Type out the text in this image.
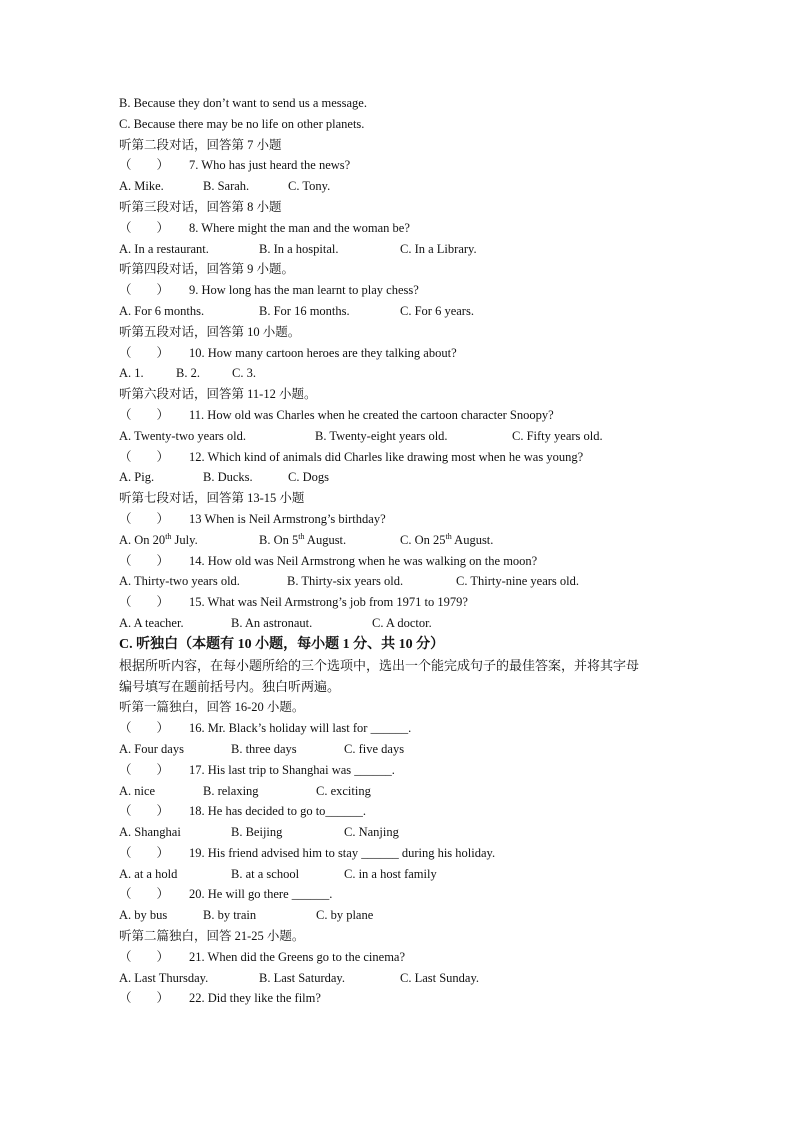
B. Because they don’t want to send us a message.
C. Because there may be no life on other planets.
听第二段对话，回答第 7 小题
（　　） 7. Who has just heard the news?
A. Mike.	B. Sarah.	C. Tony.
听第三段对话，回答第 8 小题
（　　） 8. Where might the man and the woman be?
A. In a restaurant.	B. In a hospital.	C. In a Library.
听第四段对话，回答第 9 小题。
（　　） 9. How long has the man learnt to play chess?
A. For 6 months.	B. For 16 months.	C. For 6 years.
听第五段对话，回答第 10 小题。
（　　） 10. How many cartoon heroes are they talking about?
A. 1.	B. 2.	C. 3.
听第六段对话，回答第 11-12 小题。
（　　） 11. How old was Charles when he created the cartoon character Snoopy?
A. Twenty-two years old.	B. Twenty-eight years old.	C. Fifty years old.
（　　） 12. Which kind of animals did Charles like drawing most when he was young?
A. Pig.	B. Ducks.	C. Dogs
听第七段对话，回答第 13-15 小题
（　　） 13 When is Neil Armstrong’s birthday?
A. On 20th July.	B. On 5th August.	C. On 25th August.
（　　） 14. How old was Neil Armstrong when he was walking on the moon?
A. Thirty-two years old.	B. Thirty-six years old.	C. Thirty-nine years old.
（　　） 15. What was Neil Armstrong’s job from 1971 to 1979?
A. A teacher.	B. An astronaut.	C. A doctor.
C. 听独白（本题有 10 小题，每小题 1 分、共 10 分）
根据所听内容，在每小题所给的三个选项中，选出一个能完成句子的最佳答案，并将其字母
编号填写在题前括号内。独白听两遍。
听第一篇独白，回答 16-20 小题。
（　　） 16. Mr. Black’s holiday will last for ______.
A. Four days	B. three days	C. five days
（　　） 17. His last trip to Shanghai was ______.
A. nice	B. relaxing	C. exciting
（　　） 18. He has decided to go to______.
A. Shanghai	B. Beijing	C. Nanjing
（　　） 19. His friend advised him to stay ______ during his holiday.
A. at a hold	B. at a school	C. in a host family
（　　） 20. He will go there ______.
A. by bus	B. by train	C. by plane
听第二篇独白，回答 21-25 小题。
（　　） 21. When did the Greens go to the cinema?
A. Last Thursday.	B. Last Saturday.	C. Last Sunday.
（　　） 22. Did they like the film?
